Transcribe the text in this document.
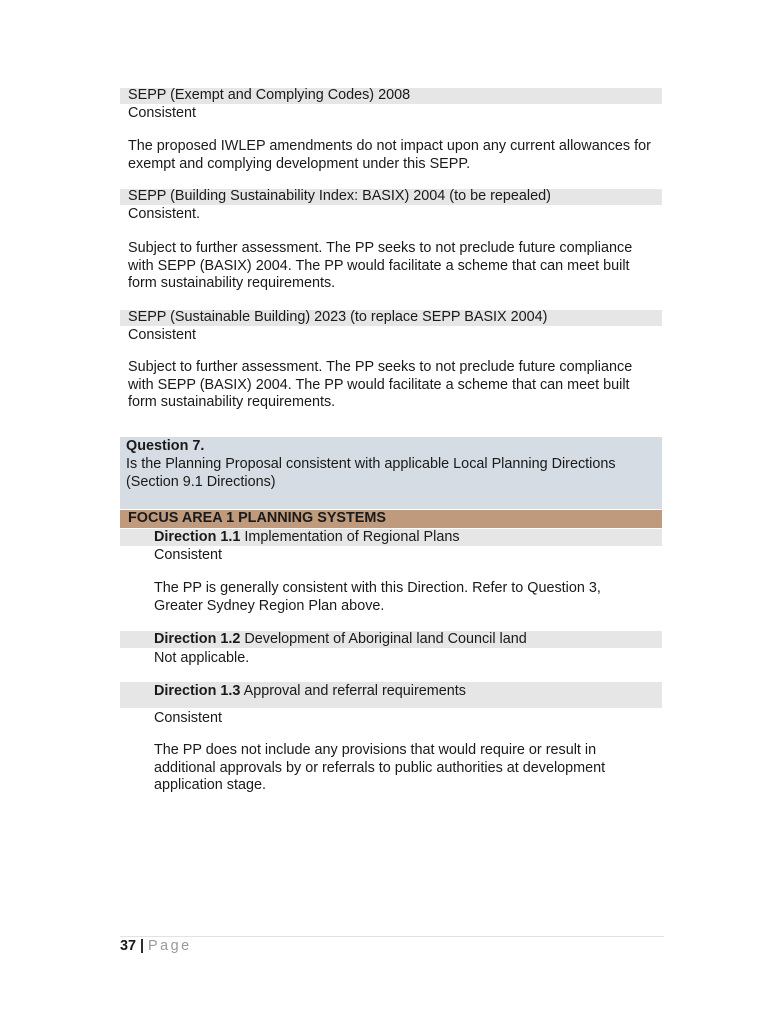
SEPP (Exempt and Complying Codes) 2008
Consistent
The proposed IWLEP amendments do not impact upon any current allowances for exempt and complying development under this SEPP.
SEPP (Building Sustainability Index: BASIX) 2004 (to be repealed)
Consistent.
Subject to further assessment. The PP seeks to not preclude future compliance with SEPP (BASIX) 2004. The PP would facilitate a scheme that can meet built form sustainability requirements.
SEPP (Sustainable Building) 2023 (to replace SEPP BASIX 2004)
Consistent
Subject to further assessment. The PP seeks to not preclude future compliance with SEPP (BASIX) 2004. The PP would facilitate a scheme that can meet built form sustainability requirements.
Question 7.
Is the Planning Proposal consistent with applicable Local Planning Directions (Section 9.1 Directions)
FOCUS AREA 1 PLANNING SYSTEMS
Direction 1.1 Implementation of Regional Plans
Consistent
The PP is generally consistent with this Direction. Refer to Question 3, Greater Sydney Region Plan above.
Direction 1.2 Development of Aboriginal land Council land
Not applicable.
Direction 1.3 Approval and referral requirements
Consistent
The PP does not include any provisions that would require or result in additional approvals by or referrals to public authorities at development application stage.
37 | Page
